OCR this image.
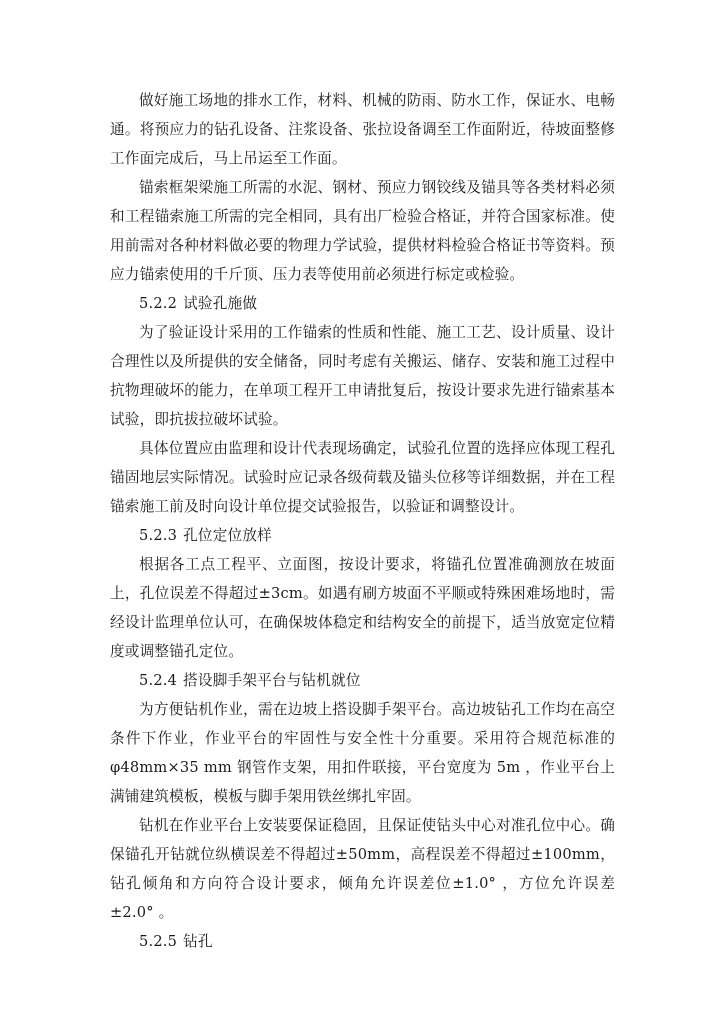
做好施工场地的排水工作，材料、机械的防雨、防水工作，保证水、电畅通。将预应力的钻孔设备、注浆设备、张拉设备调至工作面附近，待坡面整修工作面完成后，马上吊运至工作面。

锚索框架梁施工所需的水泥、钢材、预应力钢铰线及锚具等各类材料必须和工程锚索施工所需的完全相同，具有出厂检验合格证，并符合国家标准。使用前需对各种材料做必要的物理力学试验，提供材料检验合格证书等资料。预应力锚索使用的千斤顶、压力表等使用前必须进行标定或检验。

5.2.2 试验孔施做

为了验证设计采用的工作锚索的性质和性能、施工工艺、设计质量、设计合理性以及所提供的安全储备，同时考虑有关搬运、储存、安装和施工过程中抗物理破坏的能力，在单项工程开工申请批复后，按设计要求先进行锚索基本试验，即抗拔拉破坏试验。

具体位置应由监理和设计代表现场确定，试验孔位置的选择应体现工程孔锚固地层实际情况。试验时应记录各级荷载及锚头位移等详细数据，并在工程锚索施工前及时向设计单位提交试验报告，以验证和调整设计。

5.2.3 孔位定位放样

根据各工点工程平、立面图，按设计要求，将锚孔位置准确测放在坡面上，孔位误差不得超过±3cm。如遇有刷方坡面不平顺或特殊困难场地时，需经设计监理单位认可，在确保坡体稳定和结构安全的前提下，适当放宽定位精度或调整锚孔定位。

5.2.4 搭设脚手架平台与钻机就位

为方便钻机作业，需在边坡上搭设脚手架平台。高边坡钻孔工作均在高空条件下作业，作业平台的牢固性与安全性十分重要。采用符合规范标准的φ48mm×35 mm 钢管作支架，用扣件联接，平台宽度为 5m ，作业平台上满铺建筑模板，模板与脚手架用铁丝绑扎牢固。

钻机在作业平台上安装要保证稳固，且保证使钻头中心对准孔位中心。确保锚孔开钻就位纵横误差不得超过±50mm，高程误差不得超过±100mm，钻孔倾角和方向符合设计要求，倾角允许误差位±1.0° ，方位允许误差±2.0° 。

5.2.5 钻孔
